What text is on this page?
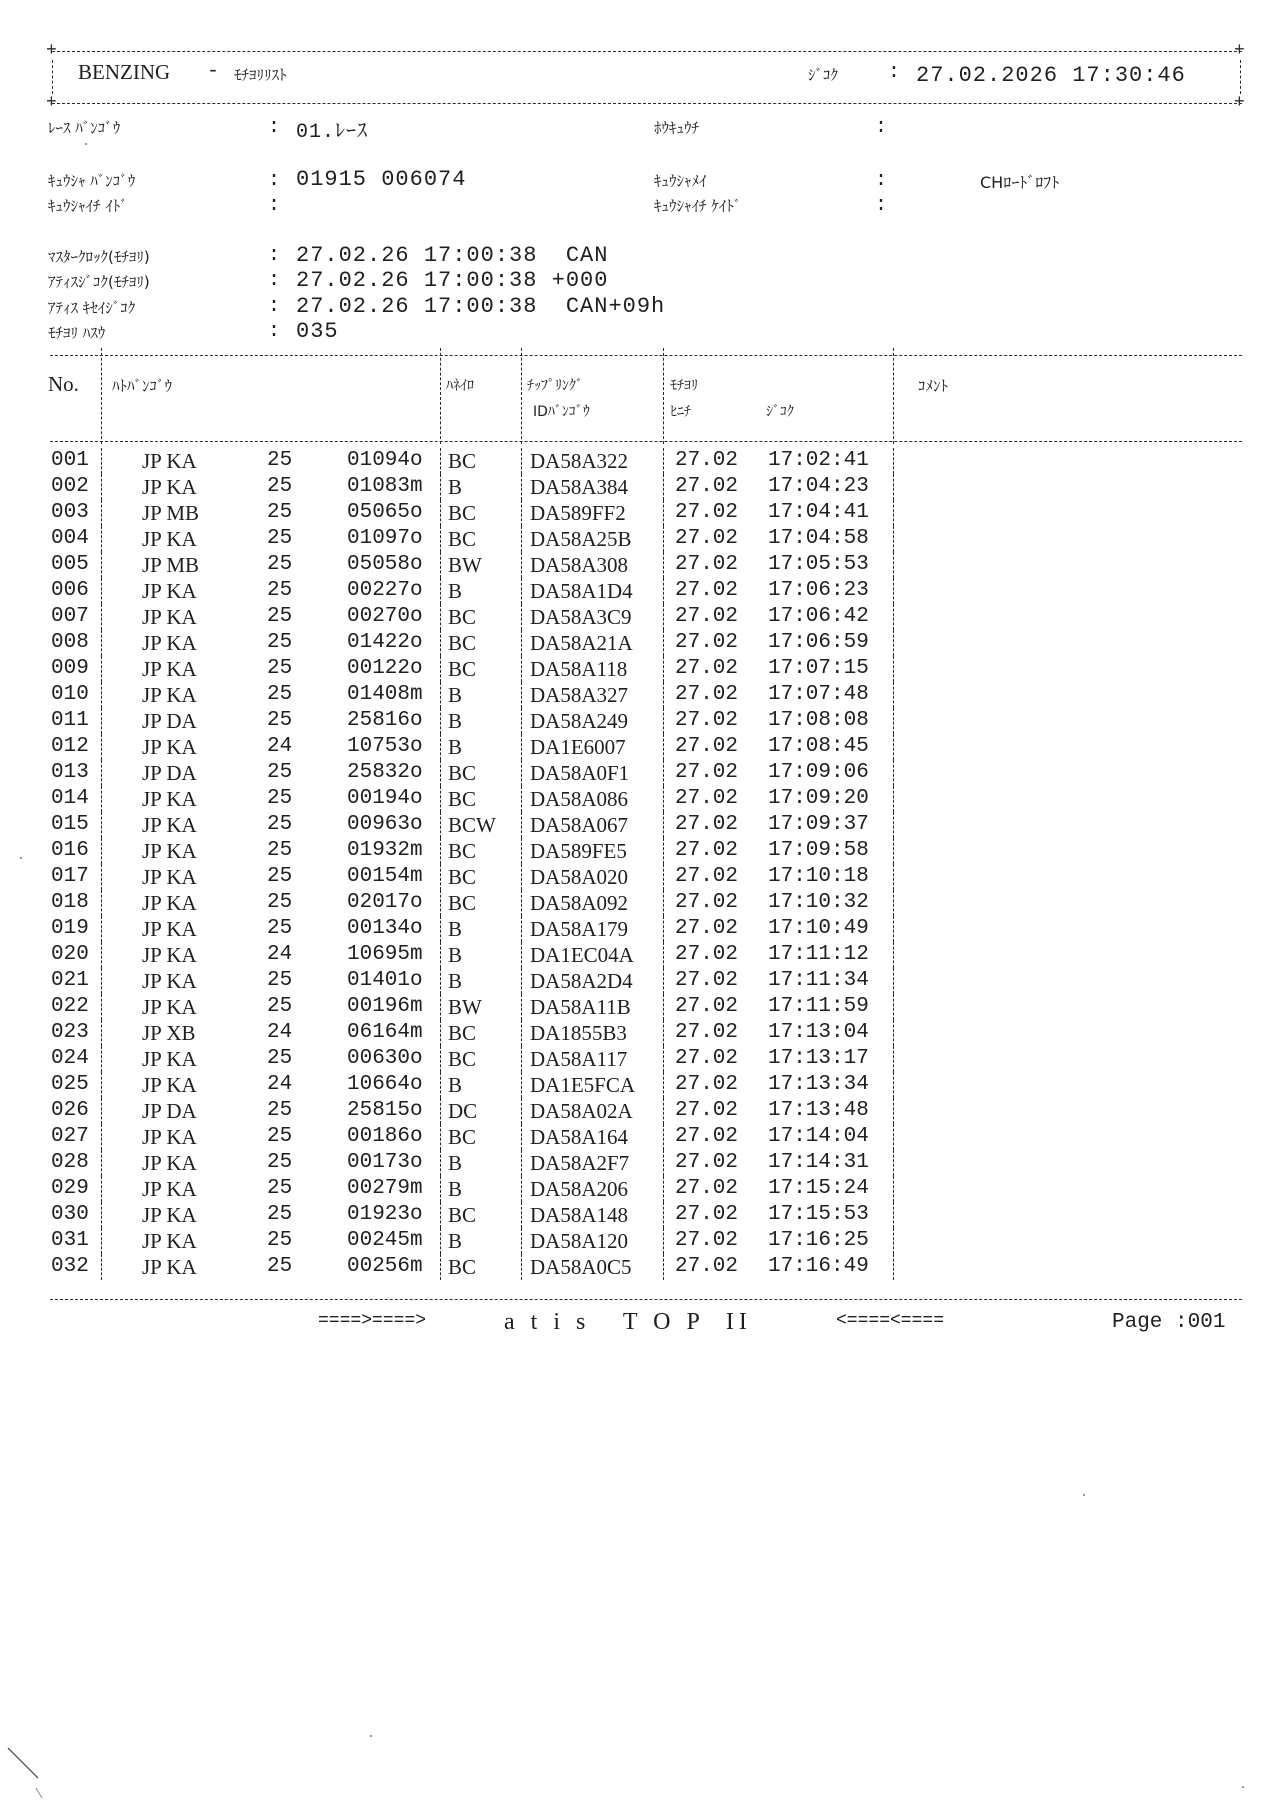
+	+
BENZING - ﾓﾁﾖﾘﾘｽﾄ	ｼﾞｺｸ : 27.02.2026 17:30:46
+	+
ﾚｰｽ ﾊﾞﾝｺﾞｳ	: 01.ﾚｰｽ	ﾎｳｷｭｳﾁ	:
ｷｭｳｼｬ ﾊﾞﾝｺﾞｳ	: 01915 006074	ｷｭｳｼｬﾒｲ	:	CHﾛｰﾄﾞﾛﾌﾄ
ｷｭｳｼｬｲﾁ ｲﾄﾞ	:	ｷｭｳｼｬｲﾁ ｹｲﾄﾞ	:
ﾏｽﾀｰｸﾛｯｸ(ﾓﾁﾖﾘ)	: 27.02.26 17:00:38  CAN
ｱﾃｨｽｼﾞｺｸ(ﾓﾁﾖﾘ)	: 27.02.26 17:00:38 +000
ｱﾃｨｽ ｷｾｲｼﾞｺｸ	: 27.02.26 17:00:38  CAN+09h
ﾓﾁﾖﾘ ﾊｽｳ	: 035
No. ﾊﾄﾊﾞﾝｺﾞｳ	ﾊﾈｲﾛ	ﾁｯﾌﾟﾘﾝｸﾞ
IDﾊﾞﾝｺﾞｳ
ﾓﾁﾖﾘ
ﾋﾆﾁ	ｼﾞｺｸ
ｺﾒﾝﾄ
001	JP KA	25	01094o BC	DA58A322 27.02 17:02:41
002	JP KA	25	01083m B	DA58A384 27.02 17:04:23
003	JP MB	25	05065o BC	DA589FF2 27.02 17:04:41
004	JP KA	25	01097o BC	DA58A25B 27.02 17:04:58
005	JP MB	25	05058o BW DA58A308 27.02 17:05:53
006	JP KA	25	00227o B	DA58A1D4 27.02 17:06:23
007	JP KA	25	00270o BC	DA58A3C9 27.02 17:06:42
008	JP KA	25	01422o BC	DA58A21A 27.02 17:06:59
009	JP KA	25	00122o BC	DA58A118 27.02 17:07:15
010	JP KA	25	01408m B	DA58A327 27.02 17:07:48
011	JP DA	25	25816o B	DA58A249 27.02 17:08:08
012	JP KA	24	10753o B	DA1E6007 27.02 17:08:45
013	JP DA	25	25832o BC	DA58A0F1 27.02 17:09:06
014	JP KA	25	00194o BC	DA58A086 27.02 17:09:20
015	JP KA	25	00963o BCW DA58A067 27.02 17:09:37
016	JP KA	25	01932m BC	DA589FE5 27.02 17:09:58
017	JP KA	25	00154m BC	DA58A020 27.02 17:10:18
018	JP KA	25	02017o BC	DA58A092 27.02 17:10:32
019	JP KA	25	00134o B	DA58A179 27.02 17:10:49
020	JP KA	24	10695m B	DA1EC04A 27.02 17:11:12
021	JP KA	25	01401o B	DA58A2D4 27.02 17:11:34
022	JP KA	25	00196m BW DA58A11B 27.02 17:11:59
023	JP XB	24	06164m BC	DA1855B3 27.02 17:13:04
024	JP KA	25	00630o BC	DA58A117 27.02 17:13:17
025	JP KA	24	10664o B	DA1E5FCA 27.02 17:13:34
026	JP DA	25	25815o DC	DA58A02A 27.02 17:13:48
027	JP KA	25	00186o BC	DA58A164 27.02 17:14:04
028	JP KA	25	00173o B	DA58A2F7 27.02 17:14:31
029	JP KA	25	00279m B	DA58A206 27.02 17:15:24
030	JP KA	25	01923o BC	DA58A148 27.02 17:15:53
031	JP KA	25	00245m B	DA58A120 27.02 17:16:25
032	JP KA	25	00256m BC	DA58A0C5 27.02 17:16:49
====>====>	a t i s   T O P  II	<====<====	Page :001
